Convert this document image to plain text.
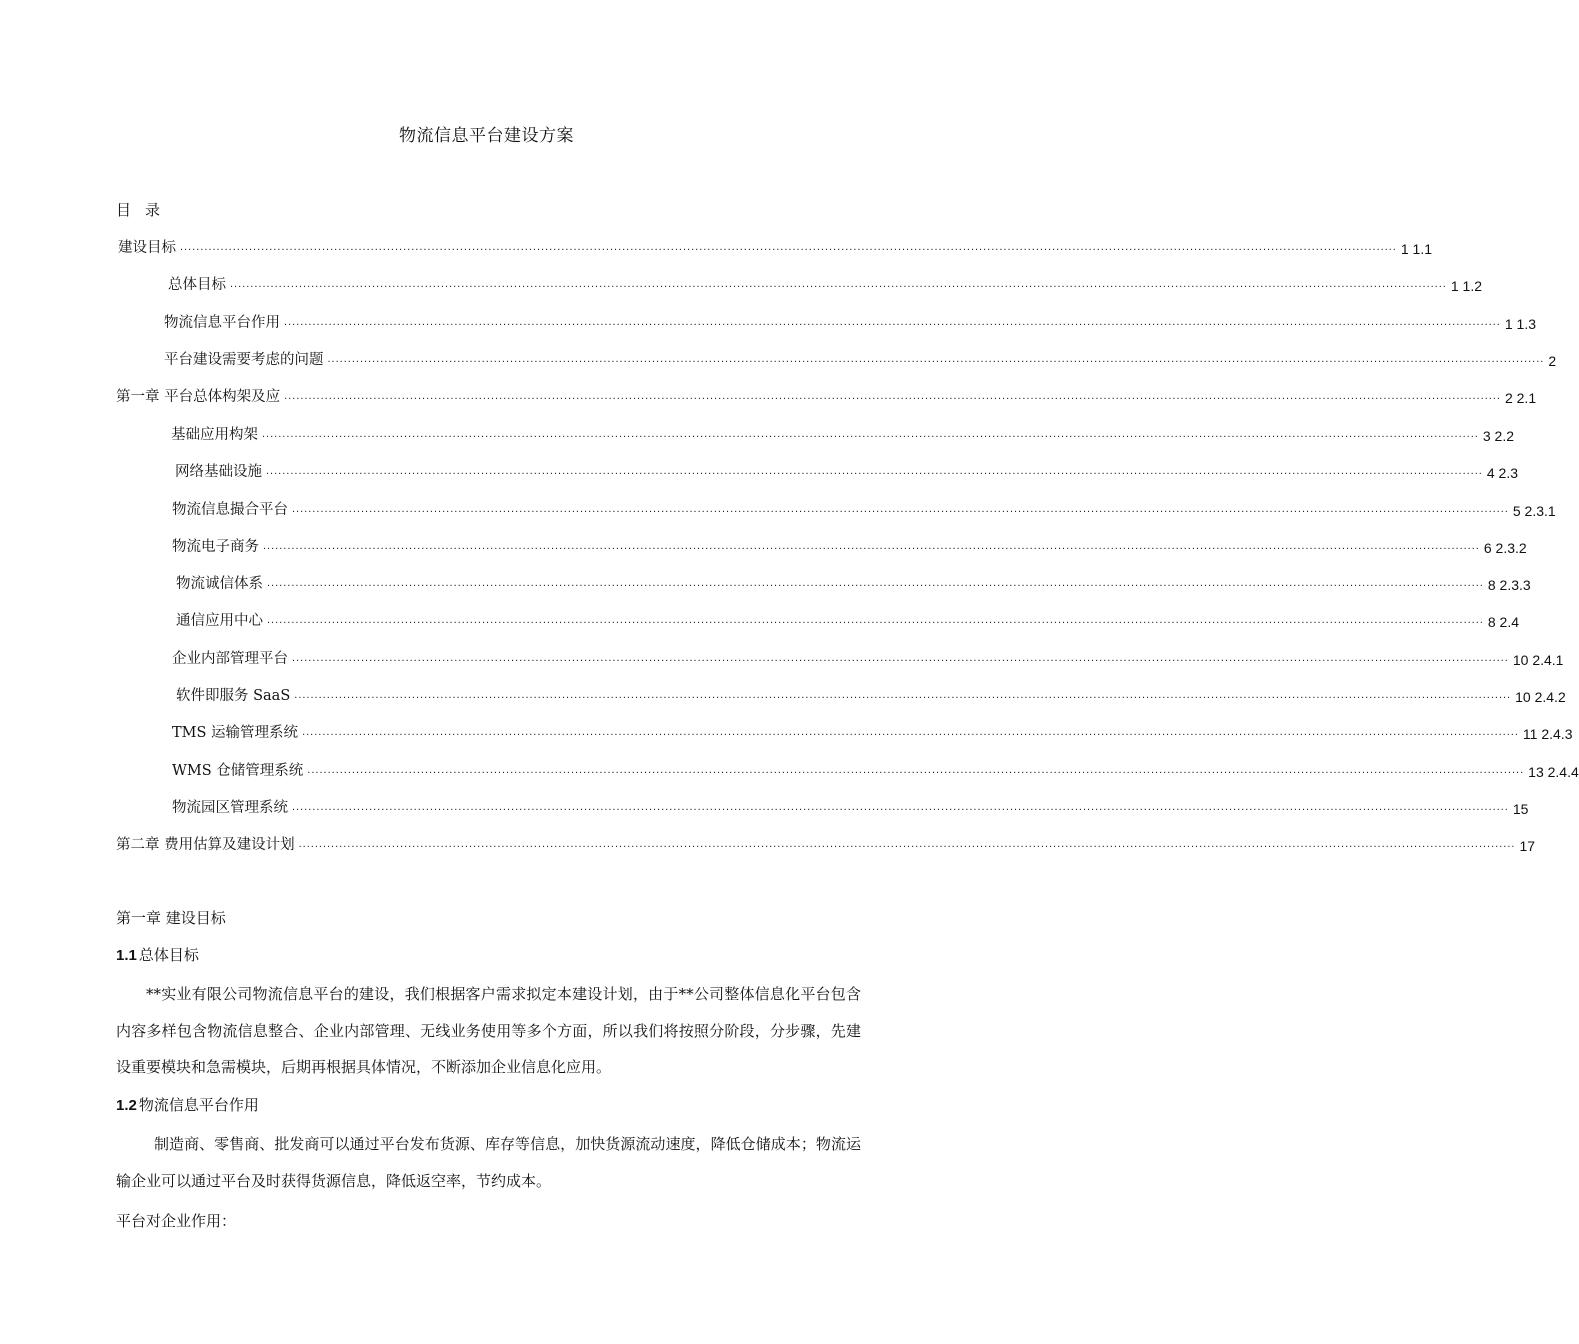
物流信息平台建设方案
目 录
建设目标 ............................................................................................................................................................................................................................................................................................................ 1 1.1
总体目标 ............................................................................................................................................................................................................................................................................................................ 1 1.2
物流信息平台作用 ............................................................................................................................................................................................................................................................................................................ 1 1.3
平台建设需要考虑的问题 ............................................................................................................................................................................................................................................................................................................ 2
第一章 平台总体构架及应 ............................................................................................................................................................................................................................................................................................................ 2 2.1
基础应用构架 ............................................................................................................................................................................................................................................................................................................ 3 2.2
网络基础设施 ............................................................................................................................................................................................................................................................................................................ 4 2.3
物流信息撮合平台 ............................................................................................................................................................................................................................................................................................................ 5 2.3.1
物流电子商务 ............................................................................................................................................................................................................................................................................................................ 6 2.3.2
物流诚信体系 ............................................................................................................................................................................................................................................................................................................ 8 2.3.3
通信应用中心 ............................................................................................................................................................................................................................................................................................................ 8 2.4
企业内部管理平台 ............................................................................................................................................................................................................................................................................................................ 10 2.4.1
软件即服务 SaaS ............................................................................................................................................................................................................................................................................................................ 10 2.4.2
TMS 运输管理系统 ............................................................................................................................................................................................................................................................................................................ 11 2.4.3
WMS 仓储管理系统 ............................................................................................................................................................................................................................................................................................................ 13 2.4.4
物流园区管理系统 ............................................................................................................................................................................................................................................................................................................ 15
第二章 费用估算及建设计划 ............................................................................................................................................................................................................................................................................................................ 17
第一章 建设目标
1.1 总体目标
**实业有限公司物流信息平台的建设，我们根据客户需求拟定本建设计划，由于**公司整体信息化平台包含内容多样包含物流信息整合、企业内部管理、无线业务使用等多个方面，所以我们将按照分阶段，分步骤，先建设重要模块和急需模块，后期再根据具体情况，不断添加企业信息化应用。
1.2 物流信息平台作用
制造商、零售商、批发商可以通过平台发布货源、库存等信息，加快货源流动速度，降低仓储成本；物流运输企业可以通过平台及时获得货源信息，降低返空率，节约成本。
平台对企业作用：
